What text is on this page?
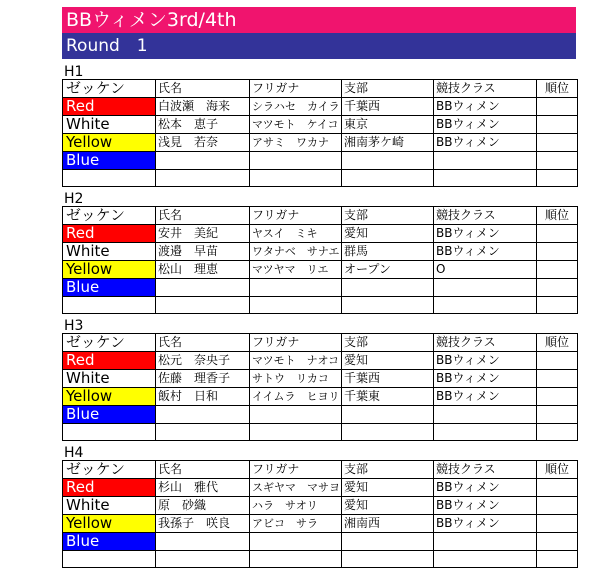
BBウィメン3rd/4th
Round　1
H1
ゼッケン	氏名	フリガナ	支部	競技クラス	順位
Red	白波瀬　海来	シラハセ　カイラ	千葉西	BBウィメン	
White	松本　恵子	マツモト　ケイコ	東京	BBウィメン	
Yellow	浅見　若奈	アサミ　ワカナ	湘南茅ケ崎	BBウィメン	
Blue					

H2
ゼッケン	氏名	フリガナ	支部	競技クラス	順位
Red	安井　美紀	ヤスイ　ミキ	愛知	BBウィメン	
White	渡邉　早苗	ワタナベ　サナエ	群馬	BBウィメン	
Yellow	松山　理恵	マツヤマ　リエ	オープン	O	
Blue					

H3
ゼッケン	氏名	フリガナ	支部	競技クラス	順位
Red	松元　奈央子	マツモト　ナオコ	愛知	BBウィメン	
White	佐藤　理香子	サトウ　リカコ	千葉西	BBウィメン	
Yellow	飯村　日和	イイムラ　ヒヨリ	千葉東	BBウィメン	
Blue					

H4
ゼッケン	氏名	フリガナ	支部	競技クラス	順位
Red	杉山　雅代	スギヤマ　マサヨ	愛知	BBウィメン	
White	原　砂織	ハラ　サオリ	愛知	BBウィメン	
Yellow	我孫子　咲良	アビコ　サラ	湘南西	BBウィメン	
Blue					
